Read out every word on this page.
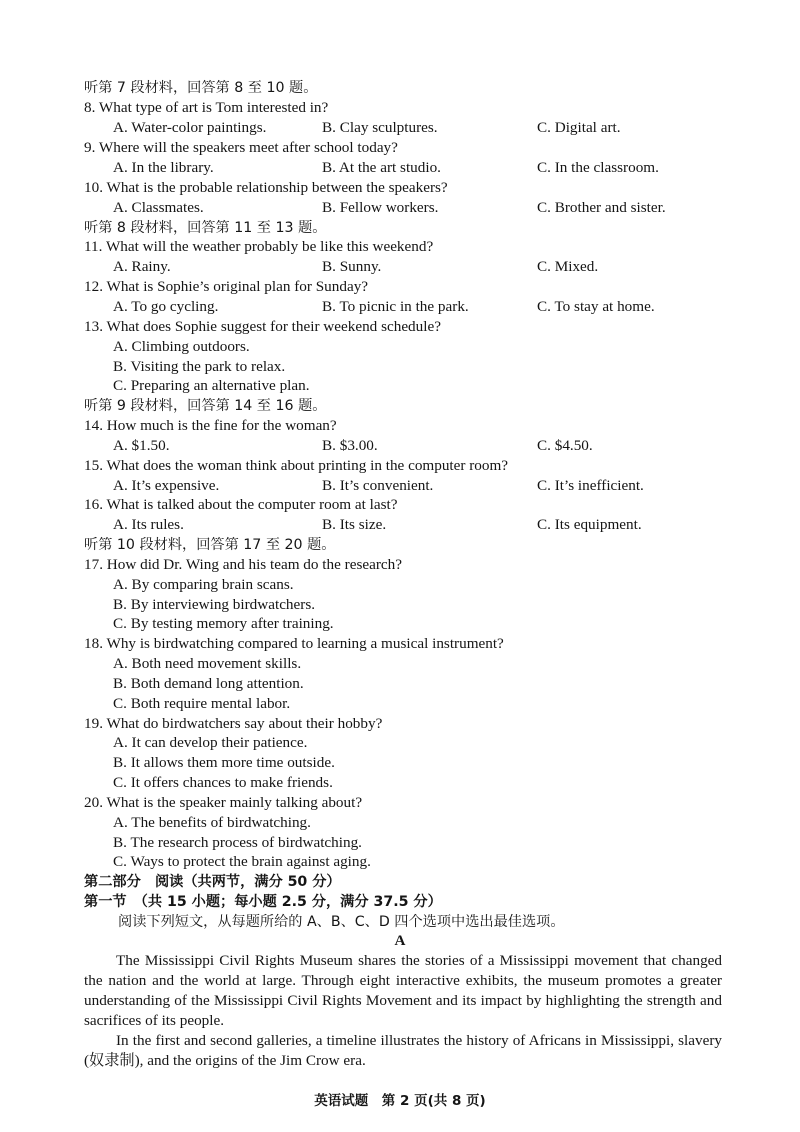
听第 7 段材料，回答第 8 至 10 题。
8. What type of art is Tom interested in?
A. Water-color paintings.	B. Clay sculptures.	C. Digital art.
9. Where will the speakers meet after school today?
A. In the library.	B. At the art studio.	C. In the classroom.
10. What is the probable relationship between the speakers?
A. Classmates.	B. Fellow workers.	C. Brother and sister.
听第 8 段材料，回答第 11 至 13 题。
11. What will the weather probably be like this weekend?
A. Rainy.	B. Sunny.	C. Mixed.
12. What is Sophie’s original plan for Sunday?
A. To go cycling.	B. To picnic in the park.	C. To stay at home.
13. What does Sophie suggest for their weekend schedule?
A. Climbing outdoors.
B. Visiting the park to relax.
C. Preparing an alternative plan.
听第 9 段材料，回答第 14 至 16 题。
14. How much is the fine for the woman?
A. $1.50.	B. $3.00.	C. $4.50.
15. What does the woman think about printing in the computer room?
A. It’s expensive.	B. It’s convenient.	C. It’s inefficient.
16. What is talked about the computer room at last?
A. Its rules.	B. Its size.	C. Its equipment.
听第 10 段材料，回答第 17 至 20 题。
17. How did Dr. Wing and his team do the research?
A. By comparing brain scans.
B. By interviewing birdwatchers.
C. By testing memory after training.
18. Why is birdwatching compared to learning a musical instrument?
A. Both need movement skills.
B. Both demand long attention.
C. Both require mental labor.
19. What do birdwatchers say about their hobby?
A. It can develop their patience.
B. It allows them more time outside.
C. It offers chances to make friends.
20. What is the speaker mainly talking about?
A. The benefits of birdwatching.
B. The research process of birdwatching.
C. Ways to protect the brain against aging.
第二部分　阅读（共两节，满分 50 分）
第一节　（共 15 小题；每小题 2.5 分，满分 37.5 分）
阅读下列短文，从每题所给的 A、B、C、D 四个选项中选出最佳选项。
A
The Mississippi Civil Rights Museum shares the stories of a Mississippi movement that changed the nation and the world at large. Through eight interactive exhibits, the museum promotes a greater understanding of the Mississippi Civil Rights Movement and its impact by highlighting the strength and sacrifices of its people.
In the first and second galleries, a timeline illustrates the history of Africans in Mississippi, slavery (奴隶制), and the origins of the Jim Crow era.
英语试题　第 2 页(共 8 页)
